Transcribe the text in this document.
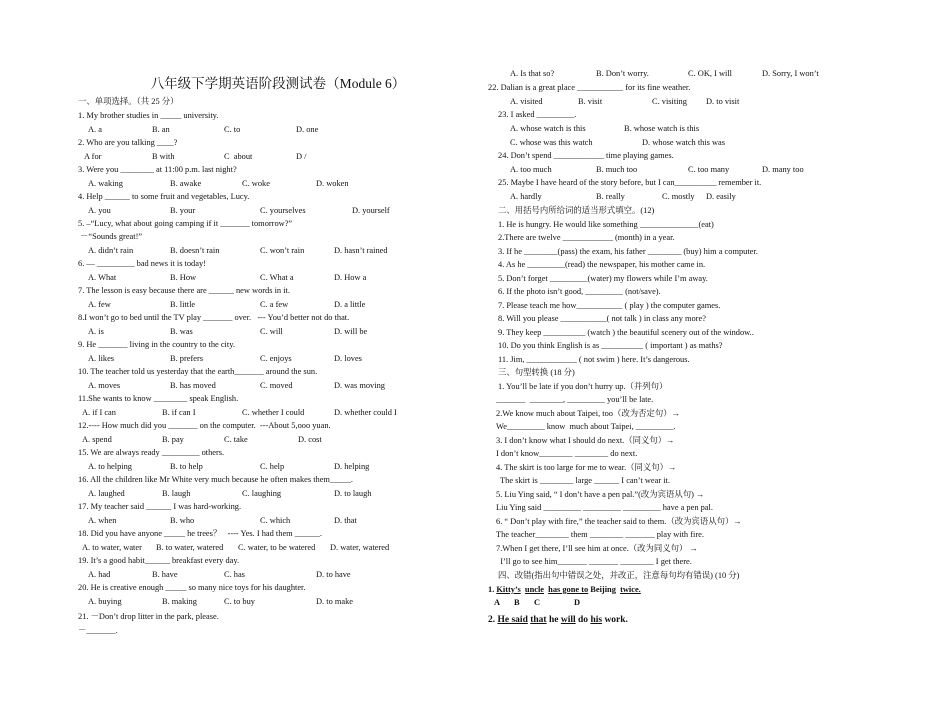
八年级下学期英语阶段测试卷（Module 6）
一、单项选择。（共 25 分）
1. My brother studies in _____ university.
A. a	B. an	C. to	D. one
2. Who are you talking ____?
A for	B with	C  about	D /
3. Were you ________ at 11:00 p.m. last night?
A. waking	B. awake	C. woke	D. woken
4. Help ______ to some fruit and vegetables, Lucy.
A. you	B. your	C. yourselves	D. yourself
5. –“Lucy, what about going camping if it _______ tomorrow?”
－“Sounds great!”
A. didn’t rain	B. doesn’t rain	C. won’t rain	D. hasn’t rained
6. — _________ bad news it is today!
A. What	B. How	C. What a	D. How a
7. The lesson is easy because there are ______ new words in it.
A. few	B. little	C. a few	D. a little
8.I won’t go to bed until the TV play _______ over.   --- You’d better not do that.
A. is	B. was	C. will	D. will be
9. He _______ living in the country to the city.
A. likes	B. prefers	C. enjoys	D. loves
10. The teacher told us yesterday that the earth_______ around the sun.
A. moves	B. has moved	C. moved	D. was moving
11.She wants to know ________ speak English.
A. if I can	B. if can I	C. whether I could	D. whether could I
12.---- How much did you _______ on the computer.  ---About 5,ooo yuan.
A. spend	B. pay	C. take	D. cost
15. We are always ready _________ others.
A. to helping	B. to help	C. help	D. helping
16. All the children like Mr White very much because he often makes them_____.
A. laughed	B. laugh	C. laughing	D. to laugh
17. My teacher said ______ I was hard-working.
A. when	B. who	C. which	D. that
18. Did you have anyone _____ he trees？   ---- Yes. I had them ______.
A. to water, water B. to water, watered C. water, to be watered D. water, watered
19. It’s a good habit______ breakfast every day.
A. had	B. have	C. has	D. to have
20. He is creative enough _____ so many nice toys for his daughter.
A. buying	B. making	C. to buy	D. to make
21. －Don’t drop litter in the park, please.
－_______.
A. Is that so?	B. Don’t worry.	C. OK, I will	D. Sorry, I won’t
22. Dalian is a great place ___________ for its fine weather.
A. visited	B. visit	C. visiting D. to visit
23. I asked _________.
A. whose watch is this	B. whose watch is this
C. whose was this watch	D. whose watch this was
24. Don’t spend ____________ time playing games.
A. too much	B. much too	C. too many	D. many too
25. Maybe I have heard of the story before, but I can__________ remember it.
A. hardly	B. really	C. mostly D. easily
二、用括号内所给词的适当形式填空。(12)
1. He is hungry. He would like something ______________(eat)
2.There are twelve ____________ (month) in a year.
3. If he ________(pass) the exam, his father ________ (buy) him a computer.
4. As he _________(read) the newspaper, his mother came in.
5. Don’t forget _________(water) my flowers while I’m away.
6. If the photo isn’t good, _________ (not/save).
7. Please teach me how___________ ( play ) the computer games.
8. Will you please ___________( not talk ) in class any more?
9. They keep __________ (watch ) the beautiful scenery out of the window..
10. Do you think English is as __________ ( important ) as maths?
11. Jim, ____________ ( not swim ) here. It’s dangerous.
三、句型转换 (18 分)
1. You’ll be late if you don’t hurry up.（并列句）
_______  ________, _________ you’ll be late.
2.We know much about Taipei, too（改为否定句）→
We_________ know  much about Taipei, _________.
3. I don’t know what I should do next.（同义句）→
I don’t know________ ________ do next.
4. The skirt is too large for me to wear.（同义句）→
The skirt is ________ large ______ I can’t wear it.
5. Liu Ying said, “ I don’t have a pen pal.”(改为宾语从句) →
Liu Ying said _________ _________ _________ have a pen pal.
6. “ Don’t play with fire,” the teacher said to them.（改为宾语从句）→
The teacher________ them ________ _______ play with fire.
7.When I get there, I’ll see him at once.（改为同义句） →
I’ll go to see him_______ _______ ________ I get there.
四、改错(指出句中错误之处，并改正，注意每句均有错误) (10 分)
1. Kitty’s uncle has gone to Beijing twice.
A B C	D
2. He said that he will do his work.
